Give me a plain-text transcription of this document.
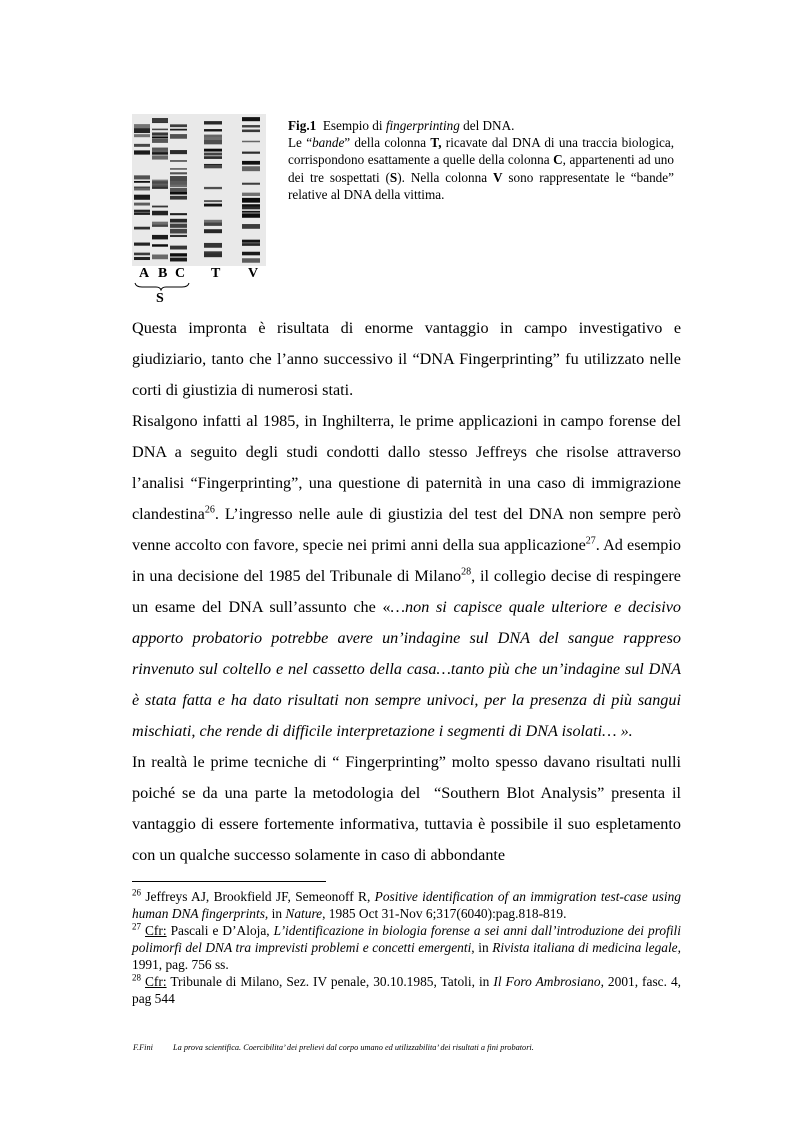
A B C T V
S
Fig.1 Esempio di fingerprinting del DNA.
Le “bande” della colonna T, ricavate dal DNA di una traccia biologica, corrispondono esattamente a quelle della colonna C, appartenenti ad uno dei tre sospettati (S). Nella colonna V sono rappresentate le “bande” relative al DNA della vittima.

Questa impronta è risultata di enorme vantaggio in campo investigativo e giudiziario, tanto che l’anno successivo il “DNA Fingerprinting” fu utilizzato nelle corti di giustizia di numerosi stati.

Risalgono infatti al 1985, in Inghilterra, le prime applicazioni in campo forense del DNA a seguito degli studi condotti dallo stesso Jeffreys che risolse attraverso l’analisi “Fingerprinting”, una questione di paternità in una caso di immigrazione clandestina$^{26}$. L’ingresso nelle aule di giustizia del test del DNA non sempre però venne accolto con favore, specie nei primi anni della sua applicazione$^{27}$. Ad esempio in una decisione del 1985 del Tribunale di Milano$^{28}$, il collegio decise di respingere un esame del DNA sull’assunto che «…non si capisce quale ulteriore e decisivo apporto probatorio potrebbe avere un’indagine sul DNA del sangue rappreso rinvenuto sul coltello e nel cassetto della casa…tanto più che un’indagine sul DNA è stata fatta e ha dato risultati non sempre univoci, per la presenza di più sangui mischiati, che rende di difficile interpretazione i segmenti di DNA isolati… ».

In realtà le prime tecniche di “ Fingerprinting” molto spesso davano risultati nulli poiché se da una parte la metodologia del  “Southern Blot Analysis” presenta il vantaggio di essere fortemente informativa, tuttavia è possibile il suo espletamento con un qualche successo solamente in caso di abbondante

$^{26}$ Jeffreys AJ, Brookfield JF, Semeonoff R, Positive identification of an immigration test-case using human DNA fingerprints, in Nature, 1985 Oct 31-Nov 6;317(6040):pag.818-819.

$^{27}$ Cfr: Pascali e D’Aloja, L’identificazione in biologia forense a sei anni dall’introduzione dei profili polimorfi del DNA tra imprevisti problemi e concetti emergenti, in Rivista italiana di medicina legale, 1991, pag. 756 ss.

$^{28}$ Cfr: Tribunale di Milano, Sez. IV penale, 30.10.1985, Tatoli, in Il Foro Ambrosiano, 2001, fasc. 4, pag 544

F.Fini La prova scientifica. Coercibilita’ dei prelievi dal corpo umano ed utilizzabilita’ dei risultati a fini probatori.
